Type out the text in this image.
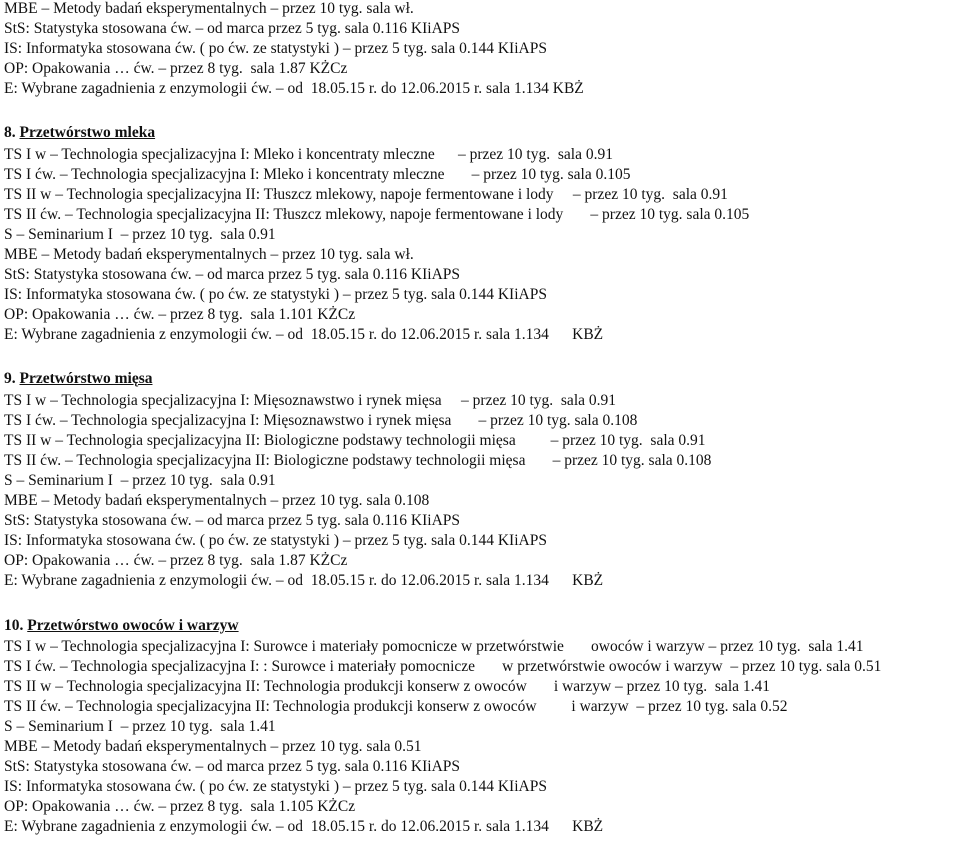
MBE – Metody badań eksperymentalnych – przez 10 tyg. sala wł.
StS: Statystyka stosowana ćw. – od marca przez 5 tyg. sala 0.116 KIiAPS
IS: Informatyka stosowana ćw. ( po ćw. ze statystyki ) – przez 5 tyg. sala 0.144 KIiAPS
OP: Opakowania … ćw. – przez 8 tyg.  sala 1.87 KŻCz
E: Wybrane zagadnienia z enzymologii ćw. – od  18.05.15 r. do 12.06.2015 r. sala 1.134 KBŻ
8. Przetwórstwo mleka
TS I w – Technologia specjalizacyjna I: Mleko i koncentraty mleczne      – przez 10 tyg.  sala 0.91
TS I ćw. – Technologia specjalizacyjna I: Mleko i koncentraty mleczne       – przez 10 tyg. sala 0.105
TS II w – Technologia specjalizacyjna II: Tłuszcz mlekowy, napoje fermentowane i lody     – przez 10 tyg.  sala 0.91
TS II ćw. – Technologia specjalizacyjna II: Tłuszcz mlekowy, napoje fermentowane i lody       – przez 10 tyg. sala 0.105
S – Seminarium I  – przez 10 tyg.  sala 0.91
MBE – Metody badań eksperymentalnych – przez 10 tyg. sala wł.
StS: Statystyka stosowana ćw. – od marca przez 5 tyg. sala 0.116 KIiAPS
IS: Informatyka stosowana ćw. ( po ćw. ze statystyki ) – przez 5 tyg. sala 0.144 KIiAPS
OP: Opakowania … ćw. – przez 8 tyg.  sala 1.101 KŻCz
E: Wybrane zagadnienia z enzymologii ćw. – od  18.05.15 r. do 12.06.2015 r. sala 1.134      KBŻ
9. Przetwórstwo mięsa
TS I w – Technologia specjalizacyjna I: Mięsoznawstwo i rynek mięsa     – przez 10 tyg.  sala 0.91
TS I ćw. – Technologia specjalizacyjna I: Mięsoznawstwo i rynek mięsa       – przez 10 tyg. sala 0.108
TS II w – Technologia specjalizacyjna II: Biologiczne podstawy technologii mięsa         – przez 10 tyg.  sala 0.91
TS II ćw. – Technologia specjalizacyjna II: Biologiczne podstawy technologii mięsa       – przez 10 tyg. sala 0.108
S – Seminarium I  – przez 10 tyg.  sala 0.91
MBE – Metody badań eksperymentalnych – przez 10 tyg. sala 0.108
StS: Statystyka stosowana ćw. – od marca przez 5 tyg. sala 0.116 KIiAPS
IS: Informatyka stosowana ćw. ( po ćw. ze statystyki ) – przez 5 tyg. sala 0.144 KIiAPS
OP: Opakowania … ćw. – przez 8 tyg.  sala 1.87 KŻCz
E: Wybrane zagadnienia z enzymologii ćw. – od  18.05.15 r. do 12.06.2015 r. sala 1.134      KBŻ
10. Przetwórstwo owoców i warzyw
TS I w – Technologia specjalizacyjna I: Surowce i materiały pomocnicze w przetwórstwie       owoców i warzyw – przez 10 tyg.  sala 1.41
TS I ćw. – Technologia specjalizacyjna I: : Surowce i materiały pomocnicze       w przetwórstwie owoców i warzyw  – przez 10 tyg. sala 0.51
TS II w – Technologia specjalizacyjna II: Technologia produkcji konserw z owoców       i warzyw – przez 10 tyg.  sala 1.41
TS II ćw. – Technologia specjalizacyjna II: Technologia produkcji konserw z owoców         i warzyw  – przez 10 tyg. sala 0.52
S – Seminarium I  – przez 10 tyg.  sala 1.41
MBE – Metody badań eksperymentalnych – przez 10 tyg. sala 0.51
StS: Statystyka stosowana ćw. – od marca przez 5 tyg. sala 0.116 KIiAPS
IS: Informatyka stosowana ćw. ( po ćw. ze statystyki ) – przez 5 tyg. sala 0.144 KIiAPS
OP: Opakowania … ćw. – przez 8 tyg.  sala 1.105 KŻCz
E: Wybrane zagadnienia z enzymologii ćw. – od  18.05.15 r. do 12.06.2015 r. sala 1.134      KBŻ
